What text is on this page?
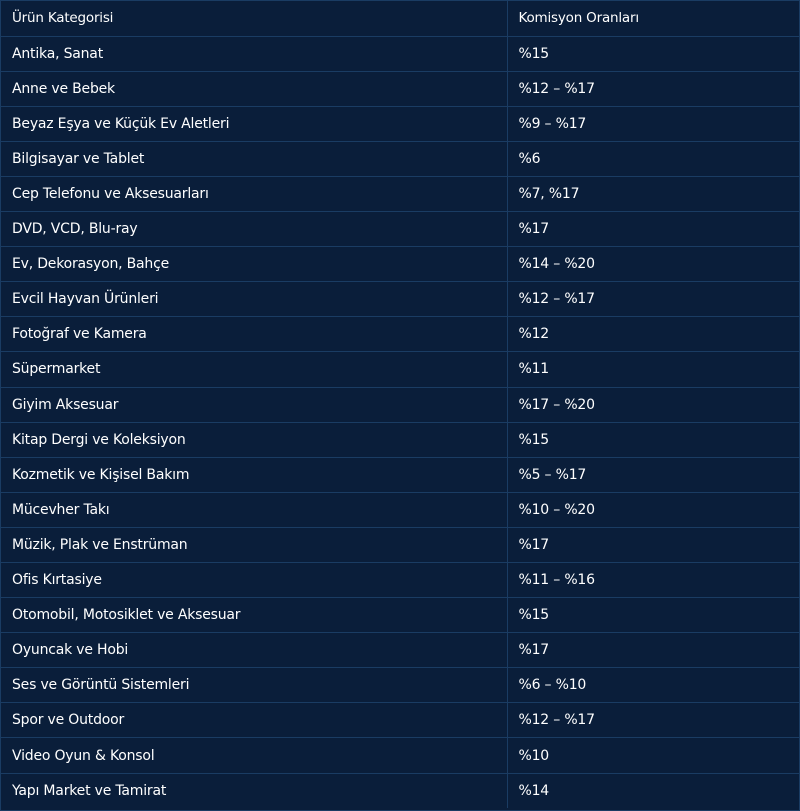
Ürün Kategorisi	Komisyon Oranları
Antika, Sanat	%15
Anne ve Bebek	%12 – %17
Beyaz Eşya ve Küçük Ev Aletleri	%9 – %17
Bilgisayar ve Tablet	%6
Cep Telefonu ve Aksesuarları	%7, %17
DVD, VCD, Blu-ray	%17
Ev, Dekorasyon, Bahçe	%14 – %20
Evcil Hayvan Ürünleri	%12 – %17
Fotoğraf ve Kamera	%12
Süpermarket	%11
Giyim Aksesuar	%17 – %20
Kitap Dergi ve Koleksiyon	%15
Kozmetik ve Kişisel Bakım	%5 – %17
Mücevher Takı	%10 – %20
Müzik, Plak ve Enstrüman	%17
Ofis Kırtasiye	%11 – %16
Otomobil, Motosiklet ve Aksesuar	%15
Oyuncak ve Hobi	%17
Ses ve Görüntü Sistemleri	%6 – %10
Spor ve Outdoor	%12 – %17
Video Oyun & Konsol	%10
Yapı Market ve Tamirat	%14
